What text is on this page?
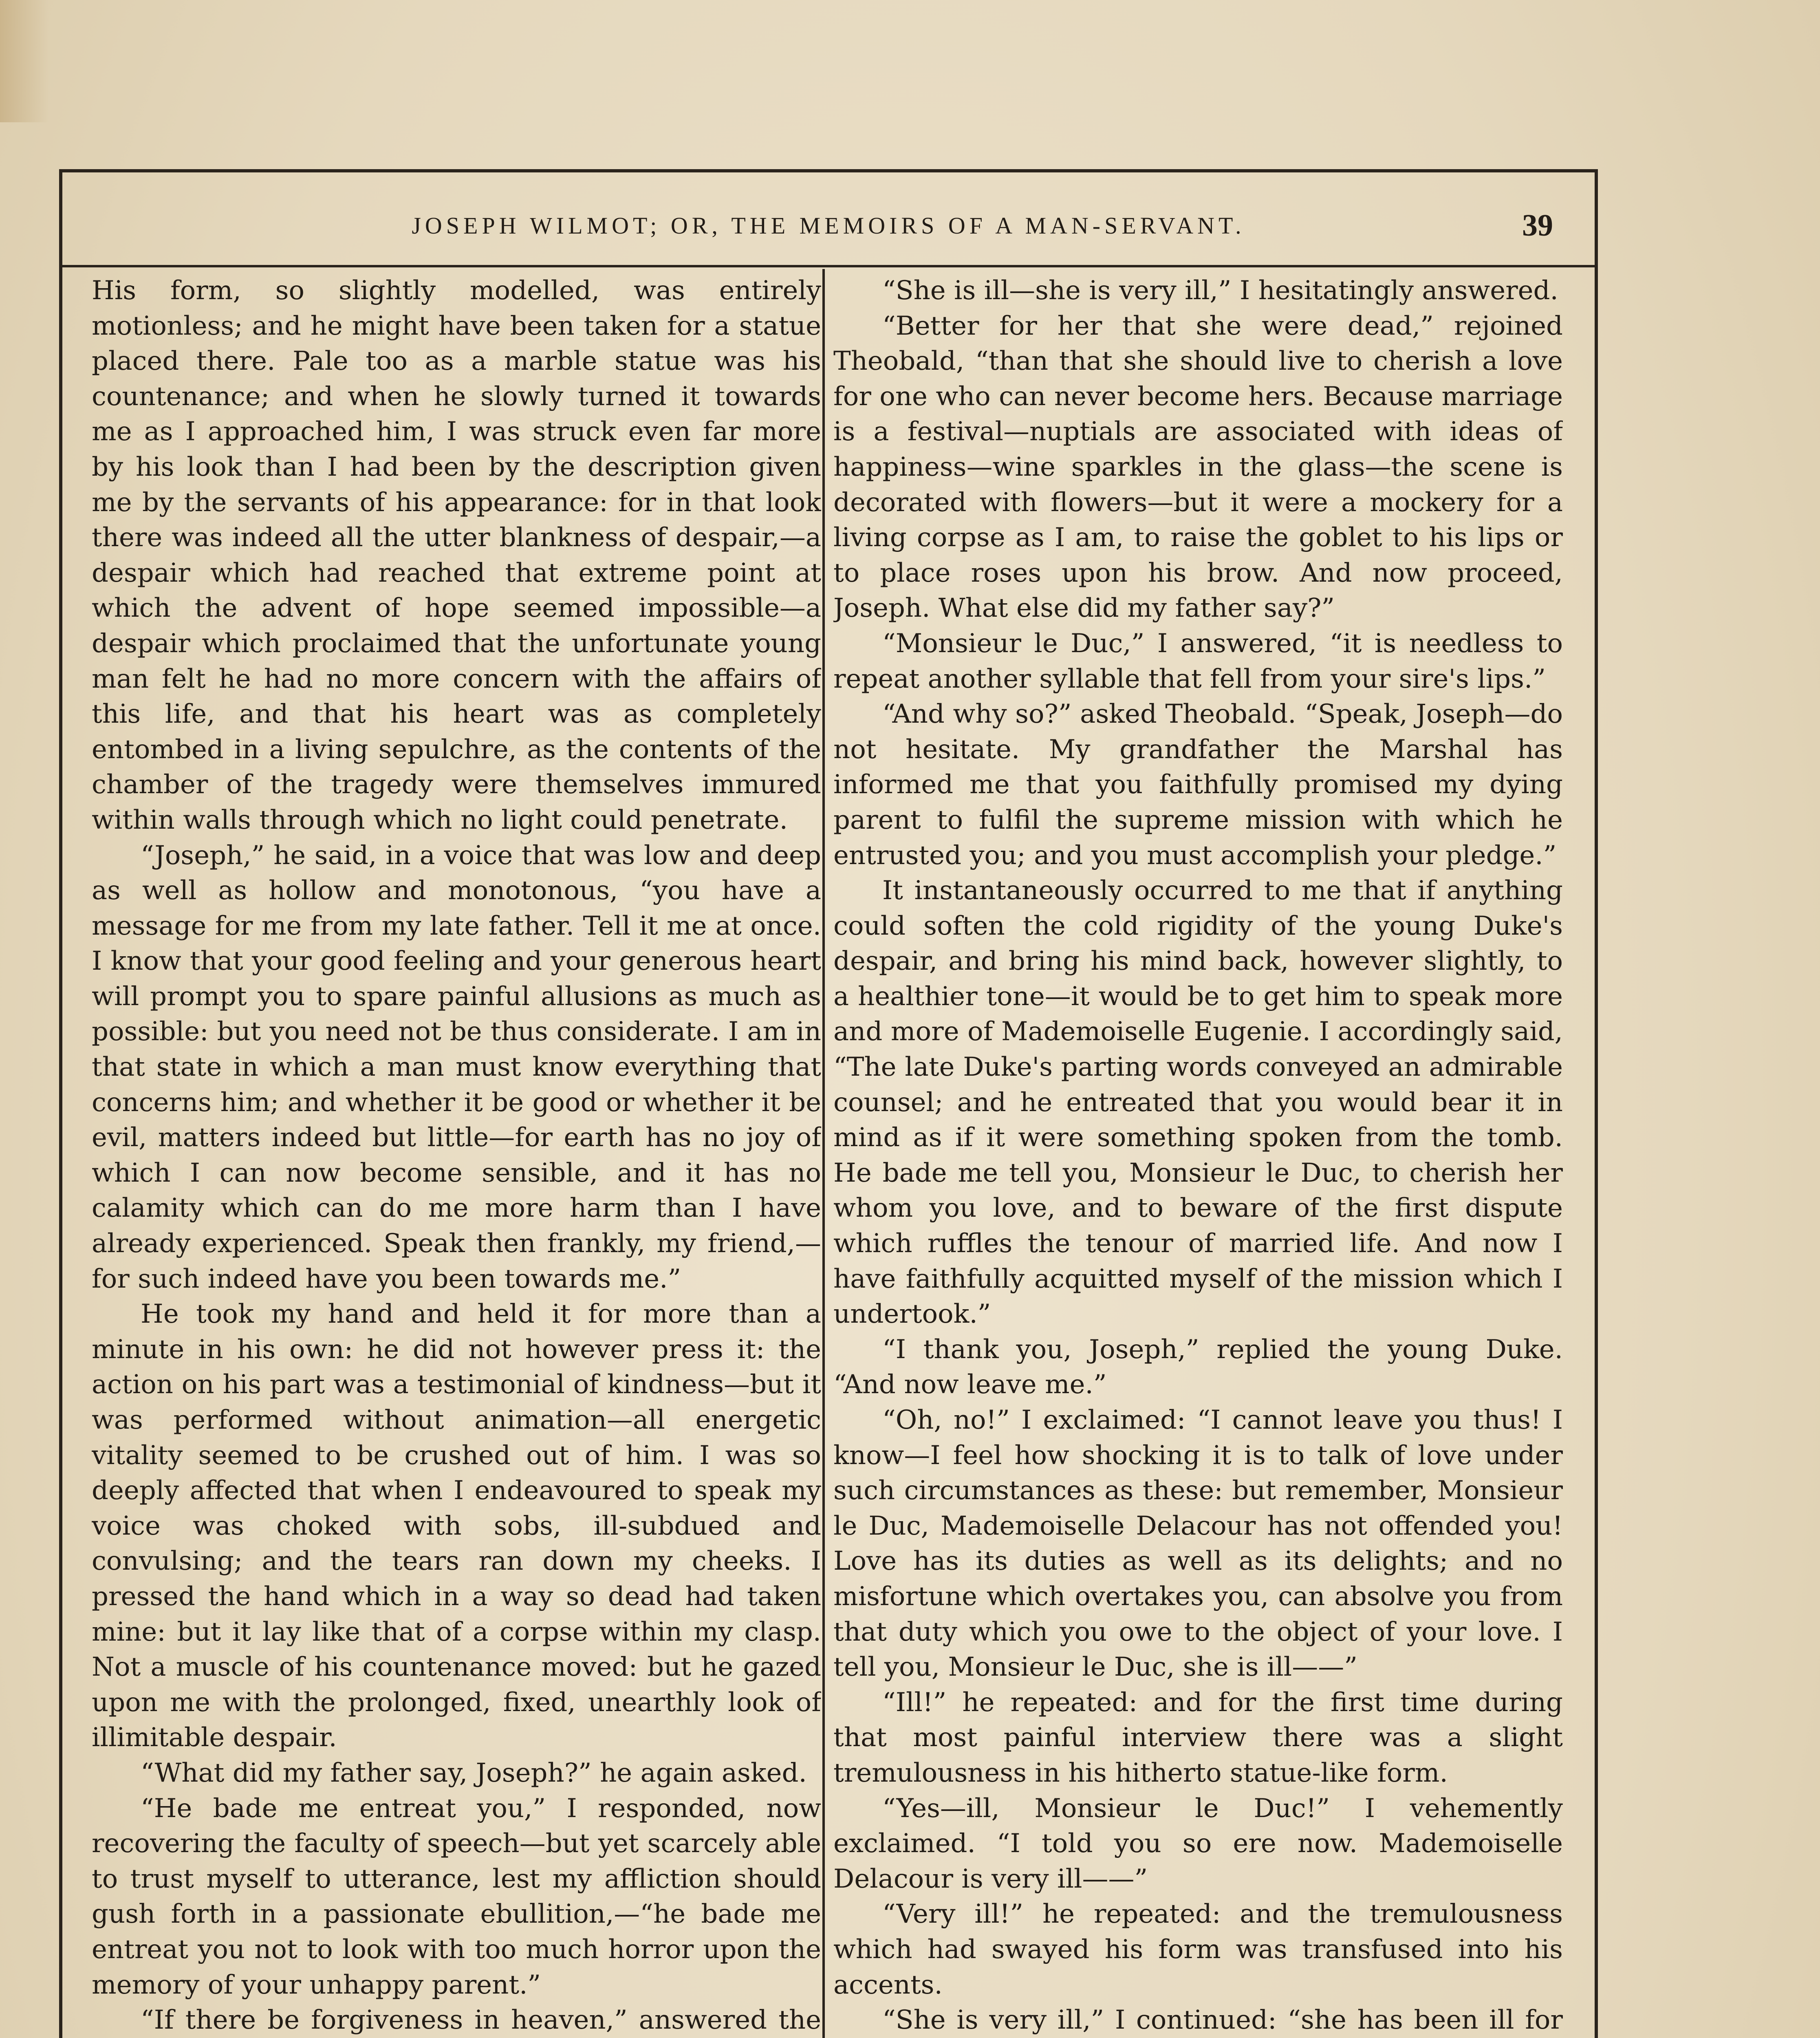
JOSEPH WILMOT; OR, THE MEMOIRS OF A MAN-SERVANT.	39

His form, so slightly modelled, was entirely motionless; and he might have been taken for a statue placed there. Pale too as a marble statue was his countenance; and when he slowly turned it towards me as I approached him, I was struck even far more by his look than I had been by the description given me by the servants of his appearance: for in that look there was indeed all the utter blankness of despair,—a despair which had reached that extreme point at which the advent of hope seemed impossible—a despair which proclaimed that the unfortunate young man felt he had no more concern with the affairs of this life, and that his heart was as completely entombed in a living sepulchre, as the contents of the chamber of the tragedy were themselves immured within walls through which no light could penetrate.

“Joseph,” he said, in a voice that was low and deep as well as hollow and monotonous, “you have a message for me from my late father. Tell it me at once. I know that your good feeling and your generous heart will prompt you to spare painful allusions as much as possible: but you need not be thus considerate. I am in that state in which a man must know everything that concerns him; and whether it be good or whether it be evil, matters indeed but little—for earth has no joy of which I can now become sensible, and it has no calamity which can do me more harm than I have already experienced. Speak then frankly, my friend,—for such indeed have you been towards me.”

He took my hand and held it for more than a minute in his own: he did not however press it: the action on his part was a testimonial of kindness—but it was performed without animation—all energetic vitality seemed to be crushed out of him. I was so deeply affected that when I endeavoured to speak my voice was choked with sobs, ill-subdued and convulsing; and the tears ran down my cheeks. I pressed the hand which in a way so dead had taken mine: but it lay like that of a corpse within my clasp. Not a muscle of his countenance moved: but he gazed upon me with the prolonged, fixed, unearthly look of illimitable despair.

“What did my father say, Joseph?” he again asked.

“He bade me entreat you,” I responded, now recovering the faculty of speech—but yet scarcely able to trust myself to utterance, lest my affliction should gush forth in a passionate ebullition,—“he bade me entreat you not to look with too much horror upon the memory of your unhappy parent.”

“If there be forgiveness in heaven,” answered the

“She is ill—she is very ill,” I hesitatingly answered.

“Better for her that she were dead,” rejoined Theobald, “than that she should live to cherish a love for one who can never become hers. Because marriage is a festival—nuptials are associated with ideas of happiness—wine sparkles in the glass—the scene is decorated with flowers—but it were a mockery for a living corpse as I am, to raise the goblet to his lips or to place roses upon his brow. And now proceed, Joseph. What else did my father say?”

“Monsieur le Duc,” I answered, “it is needless to repeat another syllable that fell from your sire's lips.”

“And why so?” asked Theobald. “Speak, Joseph—do not hesitate. My grandfather the Marshal has informed me that you faithfully promised my dying parent to fulfil the supreme mission with which he entrusted you; and you must accomplish your pledge.”

It instantaneously occurred to me that if anything could soften the cold rigidity of the young Duke's despair, and bring his mind back, however slightly, to a healthier tone—it would be to get him to speak more and more of Mademoiselle Eugenie. I accordingly said, “The late Duke's parting words conveyed an admirable counsel; and he entreated that you would bear it in mind as if it were something spoken from the tomb. He bade me tell you, Monsieur le Duc, to cherish her whom you love, and to beware of the first dispute which ruffles the tenour of married life. And now I have faithfully acquitted myself of the mission which I undertook.”

“I thank you, Joseph,” replied the young Duke. “And now leave me.”

“Oh, no!” I exclaimed: “I cannot leave you thus! I know—I feel how shocking it is to talk of love under such circumstances as these: but remember, Monsieur le Duc, Mademoiselle Delacour has not offended you! Love has its duties as well as its delights; and no misfortune which overtakes you, can absolve you from that duty which you owe to the object of your love. I tell you, Monsieur le Duc, she is ill——”

“Ill!” he repeated: and for the first time during that most painful interview there was a slight tremulousness in his hitherto statue-like form.

“Yes—ill, Monsieur le Duc!” I vehemently exclaimed. “I told you so ere now. Mademoiselle Delacour is very ill——”

“Very ill!” he repeated: and the tremulousness which had swayed his form was transfused into his accents.

“She is very ill,” I continued: “she has been ill for
